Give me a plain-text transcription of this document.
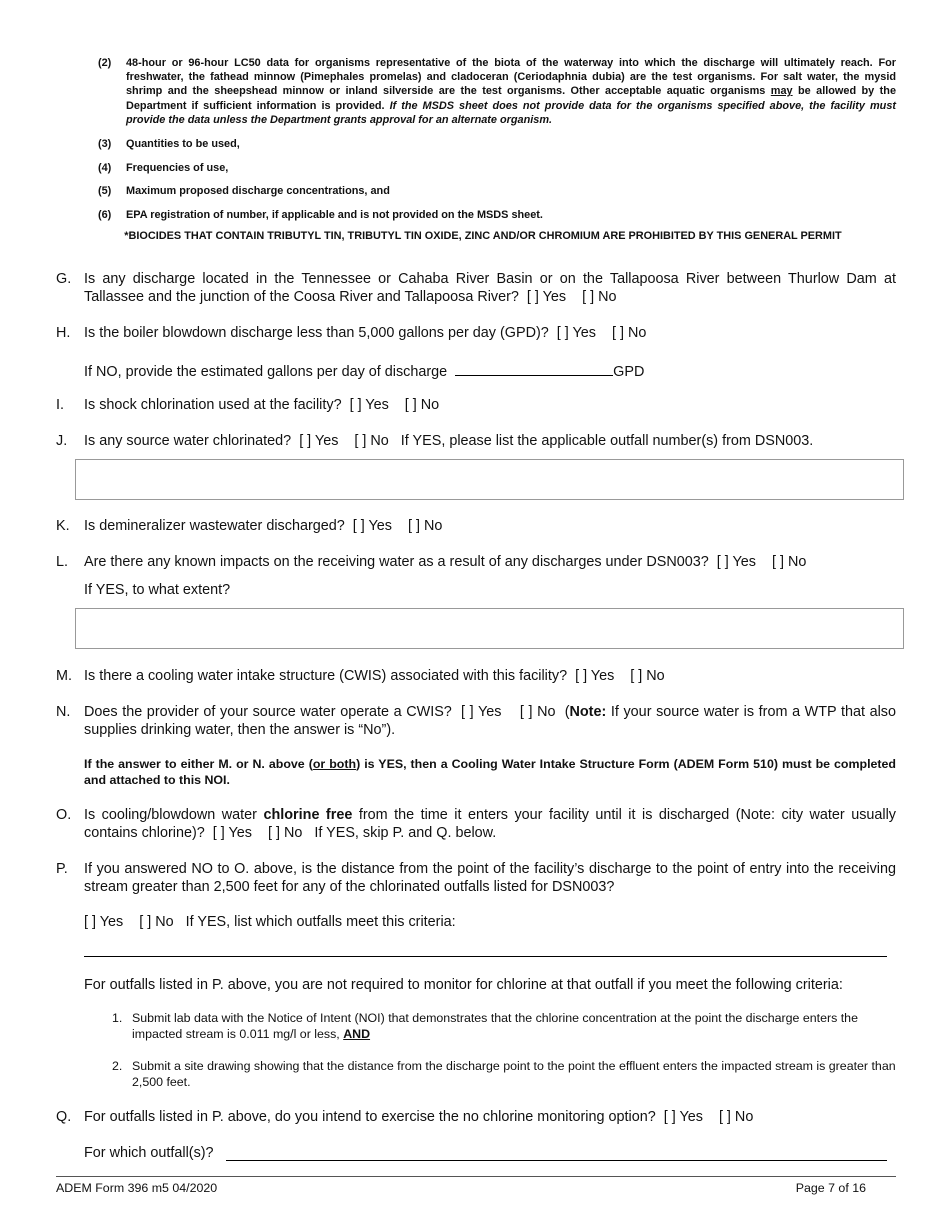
(2) 48-hour or 96-hour LC50 data for organisms representative of the biota of the waterway into which the discharge will ultimately reach. For freshwater, the fathead minnow (Pimephales promelas) and cladoceran (Ceriodaphnia dubia) are the test organisms. For salt water, the mysid shrimp and the sheepshead minnow or inland silverside are the test organisms. Other acceptable aquatic organisms may be allowed by the Department if sufficient information is provided. If the MSDS sheet does not provide data for the organisms specified above, the facility must provide the data unless the Department grants approval for an alternate organism.
(3) Quantities to be used,
(4) Frequencies of use,
(5) Maximum proposed discharge concentrations, and
(6) EPA registration of number, if applicable and is not provided on the MSDS sheet.
*BIOCIDES THAT CONTAIN TRIBUTYL TIN, TRIBUTYL TIN OXIDE, ZINC AND/OR CHROMIUM ARE PROHIBITED BY THIS GENERAL PERMIT
G. Is any discharge located in the Tennessee or Cahaba River Basin or on the Tallapoosa River between Thurlow Dam at Tallassee and the junction of the Coosa River and Tallapoosa River? [ ] Yes [ ] No
H. Is the boiler blowdown discharge less than 5,000 gallons per day (GPD)? [ ] Yes [ ] No
If NO, provide the estimated gallons per day of discharge	GPD
I. Is shock chlorination used at the facility? [ ] Yes [ ] No
J. Is any source water chlorinated? [ ] Yes [ ] No If YES, please list the applicable outfall number(s) from DSN003.
K. Is demineralizer wastewater discharged? [ ] Yes [ ] No
L. Are there any known impacts on the receiving water as a result of any discharges under DSN003? [ ] Yes [ ] No
If YES, to what extent?
M. Is there a cooling water intake structure (CWIS) associated with this facility? [ ] Yes [ ] No
N. Does the provider of your source water operate a CWIS? [ ] Yes [ ] No  (Note: If your source water is from a WTP that also supplies drinking water, then the answer is “No”).
If the answer to either M. or N. above (or both) is YES, then a Cooling Water Intake Structure Form (ADEM Form 510) must be completed and attached to this NOI.
O. Is cooling/blowdown water chlorine free from the time it enters your facility until it is discharged (Note: city water usually contains chlorine)? [ ] Yes [ ] No If YES, skip P. and Q. below.
P. If you answered NO to O. above, is the distance from the point of the facility’s discharge to the point of entry into the receiving stream greater than 2,500 feet for any of the chlorinated outfalls listed for DSN003?
[ ] Yes [ ] No If YES, list which outfalls meet this criteria:
For outfalls listed in P. above, you are not required to monitor for chlorine at that outfall if you meet the following criteria:
1. Submit lab data with the Notice of Intent (NOI) that demonstrates that the chlorine concentration at the point the discharge enters the impacted stream is 0.011 mg/l or less, AND
2. Submit a site drawing showing that the distance from the discharge point to the point the effluent enters the impacted stream is greater than 2,500 feet.
Q. For outfalls listed in P. above, do you intend to exercise the no chlorine monitoring option? [ ] Yes [ ] No
For which outfall(s)?
ADEM Form 396 m5 04/2020	Page 7 of 16
